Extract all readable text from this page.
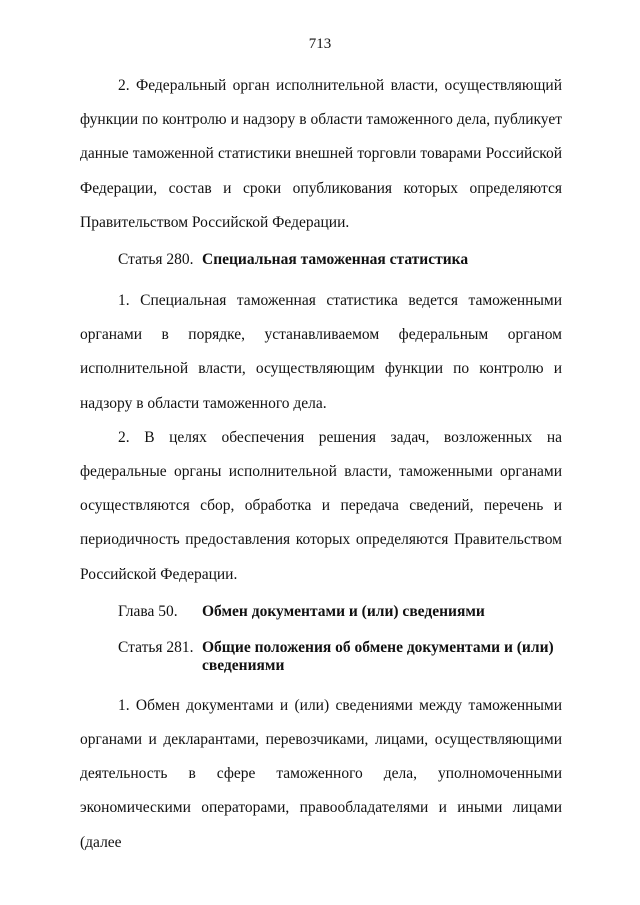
713

2. Федеральный орган исполнительной власти, осуществляющий функции по контролю и надзору в области таможенного дела, публикует данные таможенной статистики внешней торговли товарами Российской Федерации, состав и сроки опубликования которых определяются Правительством Российской Федерации.

Статья 280. Специальная таможенная статистика

1. Специальная таможенная статистика ведется таможенными органами в порядке, устанавливаемом федеральным органом исполнительной власти, осуществляющим функции по контролю и надзору в области таможенного дела.

2. В целях обеспечения решения задач, возложенных на федеральные органы исполнительной власти, таможенными органами осуществляются сбор, обработка и передача сведений, перечень и периодичность предоставления которых определяются Правительством Российской Федерации.

Глава 50.	Обмен документами и (или) сведениями
Статья 281. Общие положения об обмене документами и (или) сведениями

1. Обмен документами и (или) сведениями между таможенными органами и декларантами, перевозчиками, лицами, осуществляющими деятельность в сфере таможенного дела, уполномоченными экономическими операторами, правообладателями и иными лицами (далее
